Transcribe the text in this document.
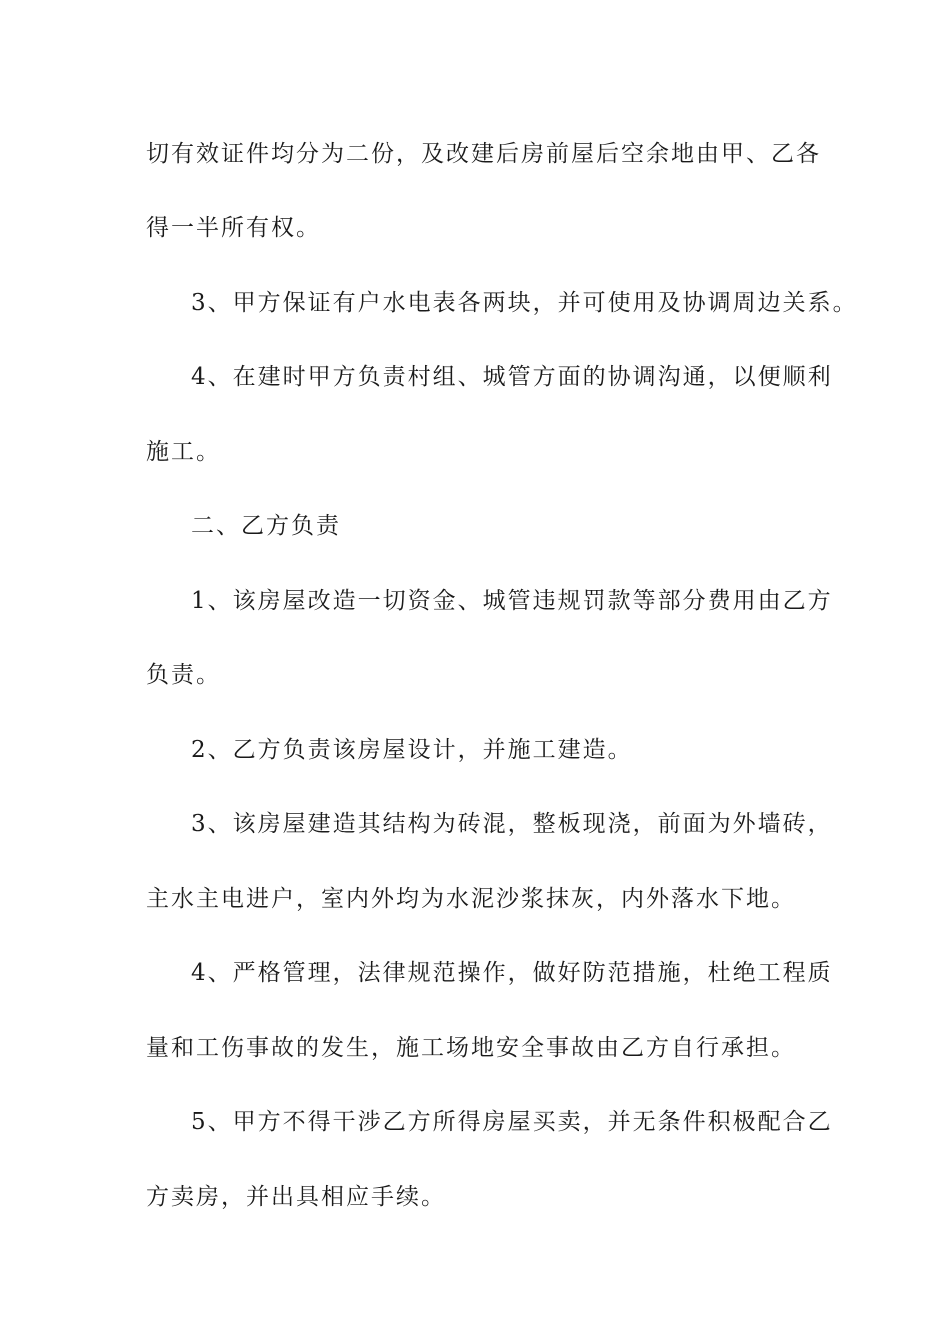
切有效证件均分为二份，及改建后房前屋后空余地由甲、乙各
得一半所有权。
3、甲方保证有户水电表各两块，并可使用及协调周边关系。
4、在建时甲方负责村组、城管方面的协调沟通，以便顺利
施工。
二、乙方负责
1、该房屋改造一切资金、城管违规罚款等部分费用由乙方
负责。
2、乙方负责该房屋设计，并施工建造。
3、该房屋建造其结构为砖混，整板现浇，前面为外墙砖，
主水主电进户，室内外均为水泥沙浆抹灰，内外落水下地。
4、严格管理，法律规范操作，做好防范措施，杜绝工程质
量和工伤事故的发生，施工场地安全事故由乙方自行承担。
5、甲方不得干涉乙方所得房屋买卖，并无条件积极配合乙
方卖房，并出具相应手续。
